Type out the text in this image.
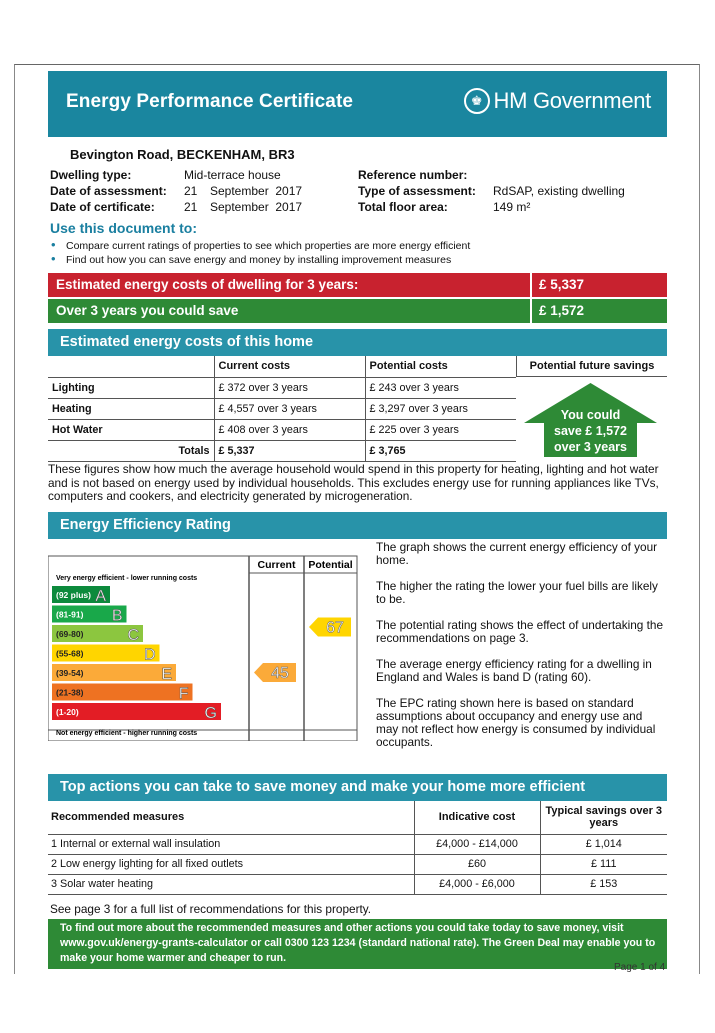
Energy Performance Certificate	♚ HM Government
Bevington Road, BECKENHAM, BR3
Dwelling type:	Mid-terrace house
Date of assessment: 21 September  2017
Date of certificate: 21 September  2017
Reference number:
Type of assessment: RdSAP, existing dwelling
Total floor area:	149 m²
Use this document to:
• Compare current ratings of properties to see which properties are more energy efficient
• Find out how you can save energy and money by installing improvement measures
Estimated energy costs of dwelling for 3 years:	£ 5,337
Over 3 years you could save	£ 1,572
Estimated energy costs of this home
	Current costs	Potential costs
Lighting	£ 372 over 3 years	£ 243 over 3 years
Heating	£ 4,557 over 3 years	£ 3,297 over 3 years
Hot Water	£ 408 over 3 years	£ 225 over 3 years
Totals	£ 5,337	£ 3,765
Potential future savings
You could
save £ 1,572
over 3 years
These figures show how much the average household would spend in this property for heating, lighting and hot water and is not based on energy used by individual households. This excludes energy use for running appliances like TVs, computers and cookers, and electricity generated by microgeneration.
Energy Efficiency Rating
Current Potential
Very energy efficient - lower running costs
Not energy efficient - higher running costs
(92 plus) A
(81-91) B
(69-80)	C
(55-68)	D
(39-54)	E
(21-38)	F
(1-20)	G
45
67

The graph shows the current energy efficiency of your home.

The higher the rating the lower your fuel bills are likely to be.

The potential rating shows the effect of undertaking the recommendations on page 3.

The average energy efficiency rating for a dwelling in England and Wales is band D (rating 60).

The EPC rating shown here is based on standard assumptions about occupancy and energy use and may not reflect how energy is consumed by individual occupants.

Top actions you can take to save money and make your home more efficient
Recommended measures	Indicative cost	Typical savings over 3 years
1 Internal or external wall insulation	£4,000 - £14,000	£ 1,014
2 Low energy lighting for all fixed outlets	£60	£ 111
3 Solar water heating	£4,000 - £6,000	£ 153
See page 3 for a full list of recommendations for this property.
To find out more about the recommended measures and other actions you could take today to save money, visit
www.gov.uk/energy-grants-calculator or call 0300 123 1234 (standard national rate). The Green Deal may enable you to
make your home warmer and cheaper to run.
Page 1 of 4
